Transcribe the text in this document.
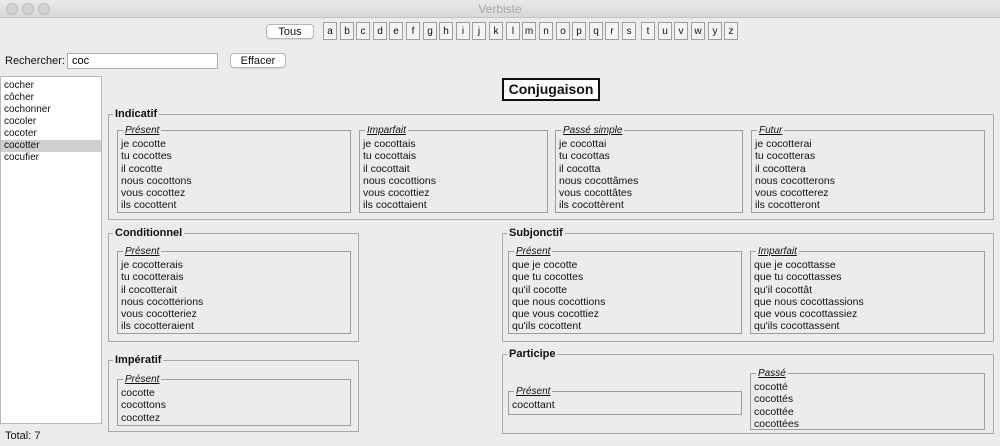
Verbiste
Tous	a	b	c	d	e	f	g	h	i	j	k	l	m	n	o	p	q	r	s	t	u	v	w	y	z
Rechercher:
coc	Effacer
cocher
côcher
cochonner
cocoler
cocoter
cocotter
cocufier
Total: 7
Conjugaison
Indicatif
Présent
je cocotte
tu cocottes
il cocotte
nous cocottons
vous cocottez
ils cocottent
Imparfait
je cocottais
tu cocottais
il cocottait
nous cocottions
vous cocottiez
ils cocottaient
Passé simple
je cocottai
tu cocottas
il cocotta
nous cocottâmes
vous cocottâtes
ils cocottèrent
Futur
je cocotterai
tu cocotteras
il cocottera
nous cocotterons
vous cocotterez
ils cocotteront
Conditionnel
Présent
je cocotterais
tu cocotterais
il cocotterait
nous cocotterions
vous cocotteriez
ils cocotteraient
Subjonctif
Présent
que je cocotte
que tu cocottes
qu'il cocotte
que nous cocottions
que vous cocottiez
qu'ils cocottent
Imparfait
que je cocottasse
que tu cocottasses
qu'il cocottât
que nous cocottassions
que vous cocottassiez
qu'ils cocottassent
Impératif
Présent
cocotte
cocottons
cocottez
Participe
Présent
cocottant
Passé
cocotté
cocottés
cocottée
cocottées
